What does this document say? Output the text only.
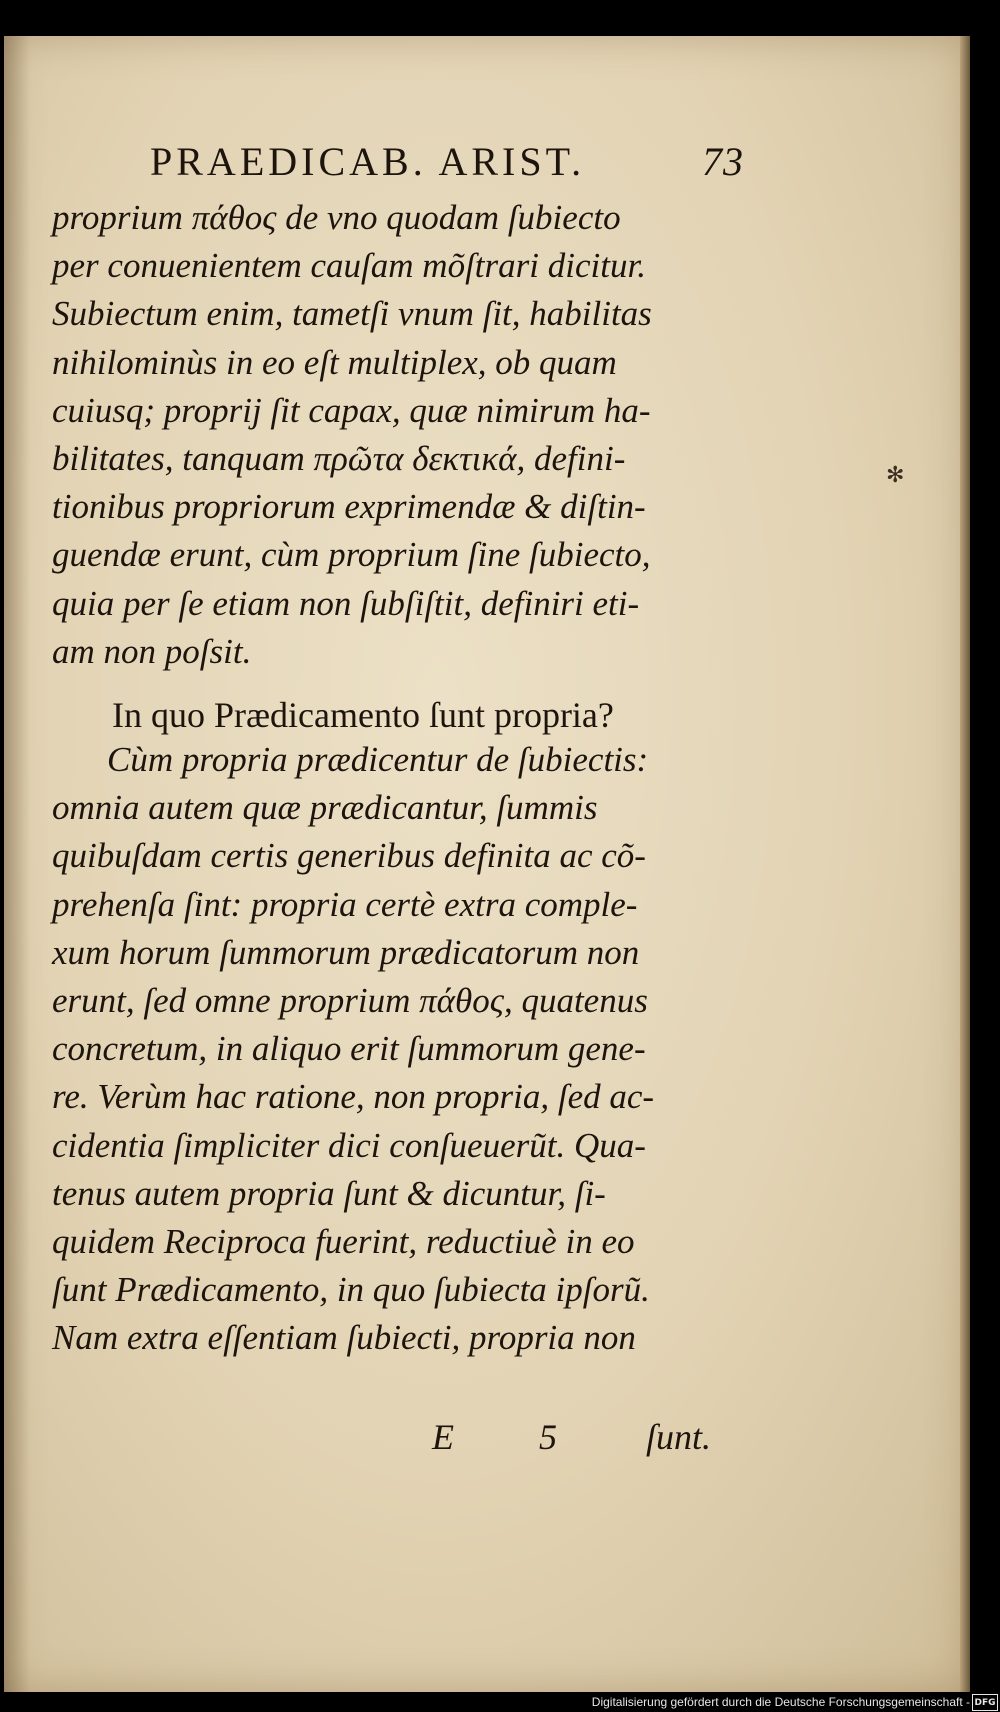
PRAEDICAB. ARIST.	73
proprium πάθος de vno quodam ſubiecto
per conuenientem cauſam mõſtrari dicitur.
Subiectum enim, tametſi vnum ſit, habilitas
nihilominùs in eo eſt multiplex, ob quam
cuiusq; proprij ſit capax, quæ nimirum ha-
bilitates, tanquam πρῶτα δεκτικά, defini-
tionibus propriorum exprimendæ & diſtin-
guendæ erunt, cùm proprium ſine ſubiecto,
quia per ſe etiam non ſubſiſtit, definiri eti-
am non poſsit.
In quo Prædicamento ſunt propria?
Cùm propria prædicentur de ſubiectis:
omnia autem quæ prædicantur, ſummis
quibuſdam certis generibus definita ac cõ-
prehenſa ſint: propria certè extra comple-
xum horum ſummorum prædicatorum non
erunt, ſed omne proprium πάθος, quatenus
concretum, in aliquo erit ſummorum gene-
re. Verùm hac ratione, non propria, ſed ac-
cidentia ſimpliciter dici conſueuerũt. Qua-
tenus autem propria ſunt & dicuntur, ſi-
quidem Reciproca fuerint, reductiuè in eo
ſunt Prædicamento, in quo ſubiecta ipſorũ.
Nam extra eſſentiam ſubiecti, propria non
E 5 ſunt.
✻
Digitalisierung gefördert durch die Deutsche Forschungsgemeinschaft - DFG
